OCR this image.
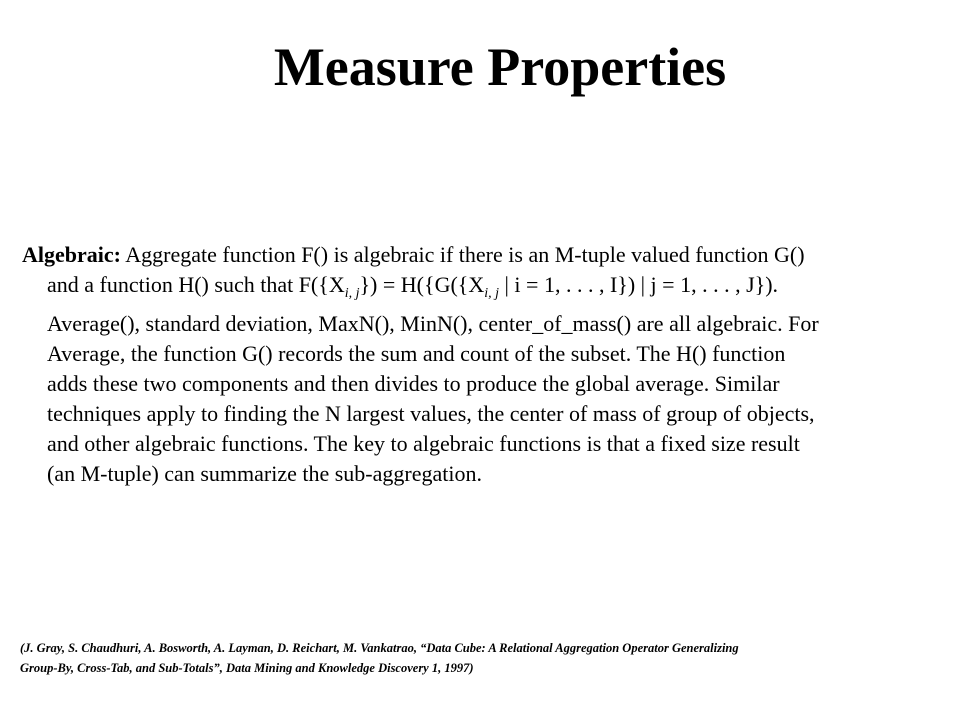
Measure Properties
Algebraic: Aggregate function F() is algebraic if there is an M-tuple valued function G()
and a function H() such that $F(\{X_{i, j}\}) = H(\{G(\{X_{i, j}$ | i = 1, . . . , I}) | j = 1, . . . , J}).
Average(), standard deviation, MaxN(), MinN(), center_of_mass() are all algebraic. For
Average, the function G() records the sum and count of the subset. The H() function
adds these two components and then divides to produce the global average. Similar
techniques apply to finding the N largest values, the center of mass of group of objects,
and other algebraic functions. The key to algebraic functions is that a fixed size result
(an M-tuple) can summarize the sub-aggregation.
(J. Gray, S. Chaudhuri, A. Bosworth, A. Layman, D. Reichart, M. Vankatrao, “Data Cube: A Relational Aggregation Operator Generalizing
Group-By, Cross-Tab, and Sub-Totals”, Data Mining and Knowledge Discovery 1, 1997)
